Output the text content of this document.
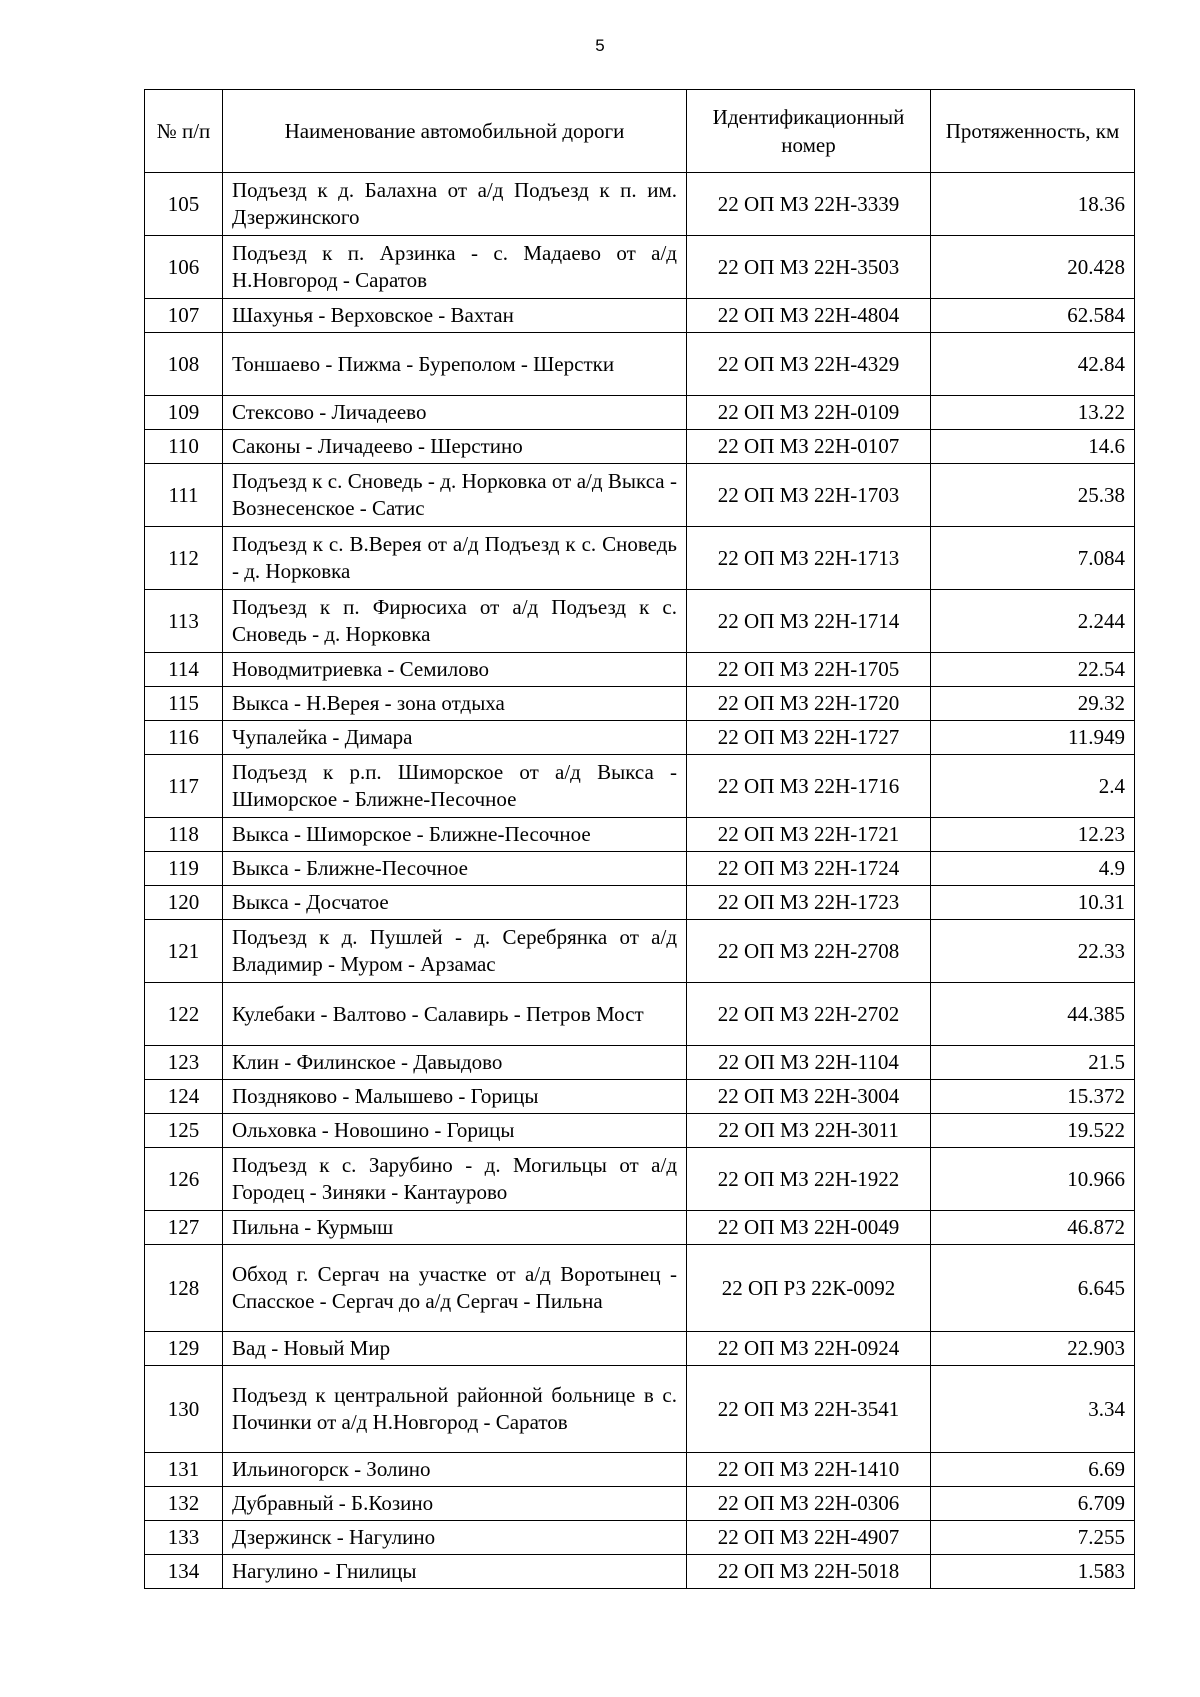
5
№ п/п	Наименование автомобильной дороги	Идентификационный номер	Протяженность, км
105	Подъезд к д. Балахна от а/д Подъезд к п. им. Дзержинского	22 ОП МЗ 22Н-3339	18.36
106	Подъезд к п. Арзинка - с. Мадаево от а/д Н.Новгород - Саратов	22 ОП МЗ 22Н-3503	20.428
107	Шахунья - Верховское - Вахтан	22 ОП МЗ 22Н-4804	62.584
108	Тоншаево - Пижма - Буреполом - Шерстки	22 ОП МЗ 22Н-4329	42.84
109	Стексово - Личадеево	22 ОП МЗ 22Н-0109	13.22
110	Саконы - Личадеево - Шерстино	22 ОП МЗ 22Н-0107	14.6
111	Подъезд к с. Сноведь - д. Норковка от а/д Выкса - Вознесенское - Сатис	22 ОП МЗ 22Н-1703	25.38
112	Подъезд к с. В.Верея от а/д Подъезд к с. Сноведь - д. Норковка	22 ОП МЗ 22Н-1713	7.084
113	Подъезд к п. Фирюсиха от а/д Подъезд к с. Сноведь - д. Норковка	22 ОП МЗ 22Н-1714	2.244
114	Новодмитриевка - Семилово	22 ОП МЗ 22Н-1705	22.54
115	Выкса - Н.Верея - зона отдыха	22 ОП МЗ 22Н-1720	29.32
116	Чупалейка - Димара	22 ОП МЗ 22Н-1727	11.949
117	Подъезд к р.п. Шиморское от а/д Выкса - Шиморское - Ближне-Песочное	22 ОП МЗ 22Н-1716	2.4
118	Выкса - Шиморское - Ближне-Песочное	22 ОП МЗ 22Н-1721	12.23
119	Выкса - Ближне-Песочное	22 ОП МЗ 22Н-1724	4.9
120	Выкса - Досчатое	22 ОП МЗ 22Н-1723	10.31
121	Подъезд к д. Пушлей - д. Серебрянка от а/д Владимир - Муром - Арзамас	22 ОП МЗ 22Н-2708	22.33
122	Кулебаки - Валтово - Салавирь - Петров Мост	22 ОП МЗ 22Н-2702	44.385
123	Клин - Филинское - Давыдово	22 ОП МЗ 22Н-1104	21.5
124	Поздняково - Малышево - Горицы	22 ОП МЗ 22Н-3004	15.372
125	Ольховка - Новошино - Горицы	22 ОП МЗ 22Н-3011	19.522
126	Подъезд к с. Зарубино - д. Могильцы от а/д Городец - Зиняки - Кантаурово	22 ОП МЗ 22Н-1922	10.966
127	Пильна - Курмыш	22 ОП МЗ 22Н-0049	46.872
128	Обход г. Сергач на участке от а/д Воротынец - Спасское - Сергач до а/д Сергач - Пильна	22 ОП РЗ 22К-0092	6.645
129	Вад - Новый Мир	22 ОП МЗ 22Н-0924	22.903
130	Подъезд к центральной районной больнице в с. Починки от а/д Н.Новгород - Саратов	22 ОП МЗ 22Н-3541	3.34
131	Ильиногорск - Золино	22 ОП МЗ 22Н-1410	6.69
132	Дубравный - Б.Козино	22 ОП МЗ 22Н-0306	6.709
133	Дзержинск - Нагулино	22 ОП МЗ 22Н-4907	7.255
134	Нагулино - Гнилицы	22 ОП МЗ 22Н-5018	1.583
